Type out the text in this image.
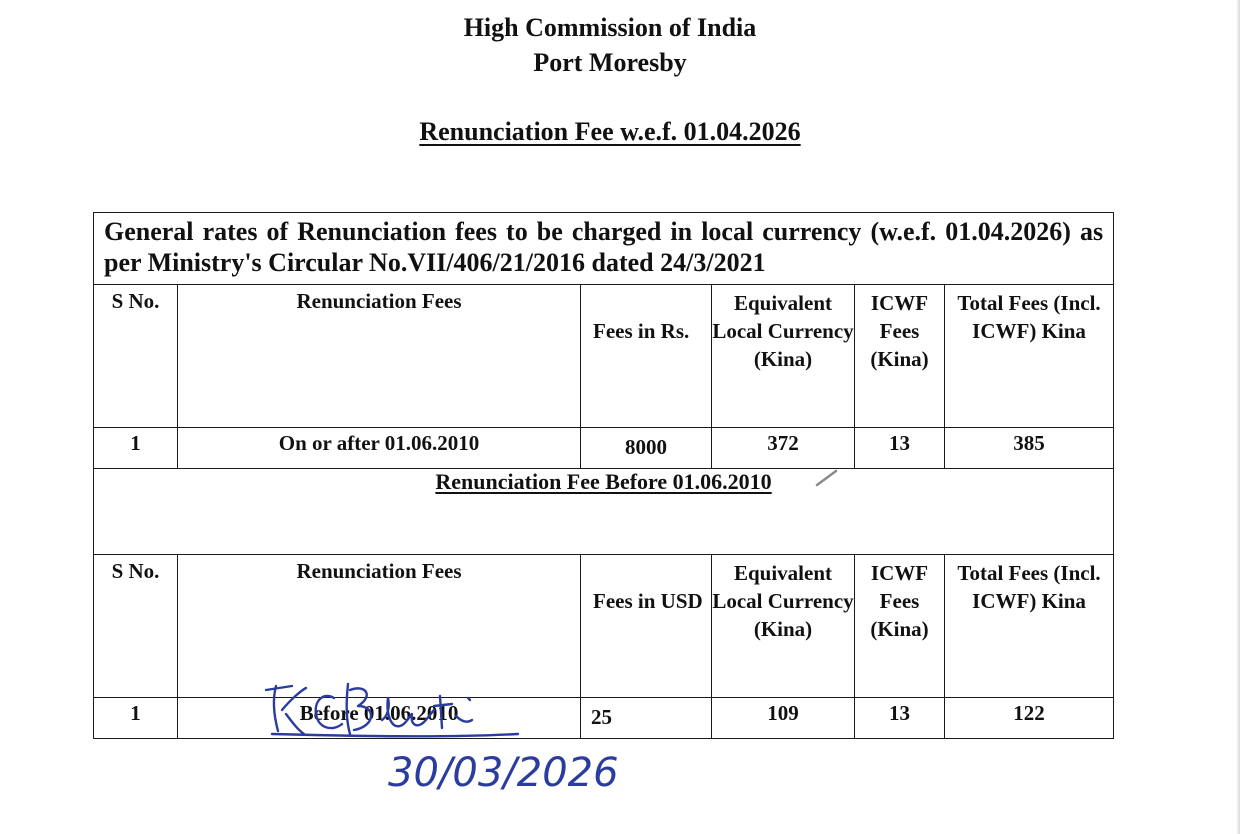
High Commission of India
Port Moresby
Renunciation Fee w.e.f. 01.04.2026
General rates of Renunciation fees to be charged in local currency (w.e.f. 01.04.2026) as per Ministry's Circular No.VII/406/21/2016 dated 24/3/2021					
S No.	Renunciation Fees	Fees in Rs.	Equivalent Local Currency (Kina)	ICWF Fees (Kina)	Total Fees (Incl. ICWF) Kina
1	On or after 01.06.2010	8000	372	13	385
Renunciation Fee Before 01.06.2010					
S No.	Renunciation Fees	Fees in USD	Equivalent Local Currency (Kina)	ICWF Fees (Kina)	Total Fees (Incl. ICWF) Kina
1	Before 01.06.2010	25	109	13	122
30/03/2026
